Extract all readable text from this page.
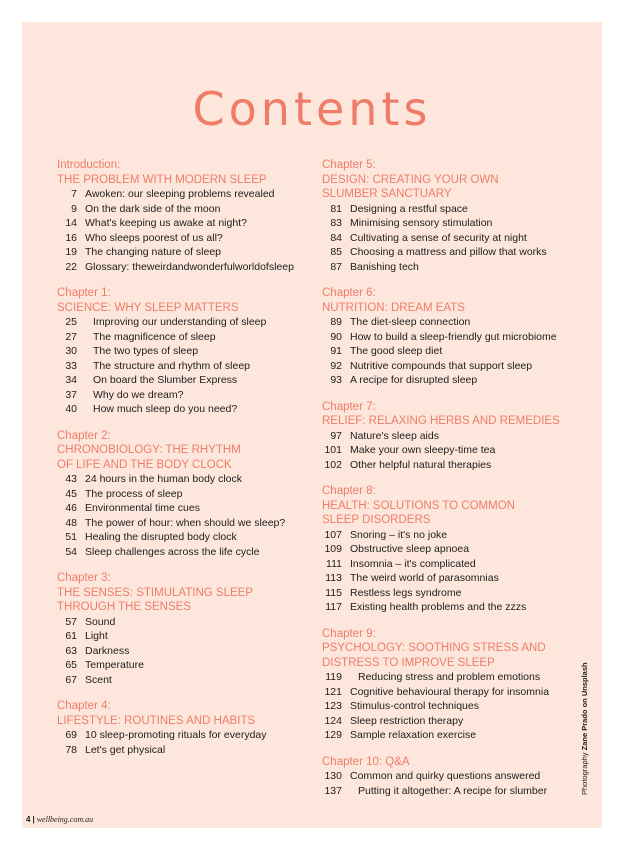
Contents
Introduction:
THE PROBLEM WITH MODERN SLEEP
7 Awoken: our sleeping problems revealed
9 On the dark side of the moon
14 What's keeping us awake at night?
16 Who sleeps poorest of us all?
19 The changing nature of sleep
22 Glossary: theweirdandwonderfulworldofsleep
Chapter 1:
SCIENCE: WHY SLEEP MATTERS
25 Improving our understanding of sleep
27 The magnificence of sleep
30 The two types of sleep
33 The structure and rhythm of sleep
34 On board the Slumber Express
37 Why do we dream?
40 How much sleep do you need?
Chapter 2:
CHRONOBIOLOGY: THE RHYTHM
OF LIFE AND THE BODY CLOCK
43 24 hours in the human body clock
45 The process of sleep
46 Environmental time cues
48 The power of hour: when should we sleep?
51 Healing the disrupted body clock
54 Sleep challenges across the life cycle
Chapter 3:
THE SENSES: STIMULATING SLEEP
THROUGH THE SENSES
57 Sound
61 Light
63 Darkness
65 Temperature
67 Scent
Chapter 4:
LIFESTYLE: ROUTINES AND HABITS
69 10 sleep-promoting rituals for everyday
78 Let's get physical
Chapter 5:
DESIGN: CREATING YOUR OWN
SLUMBER SANCTUARY
81 Designing a restful space
83 Minimising sensory stimulation
84 Cultivating a sense of security at night
85 Choosing a mattress and pillow that works
87 Banishing tech
Chapter 6:
NUTRITION: DREAM EATS
89 The diet-sleep connection
90 How to build a sleep-friendly gut microbiome
91 The good sleep diet
92 Nutritive compounds that support sleep
93 A recipe for disrupted sleep
Chapter 7:
RELIEF: RELAXING HERBS AND REMEDIES
97 Nature's sleep aids
101 Make your own sleepy-time tea
102 Other helpful natural therapies
Chapter 8:
HEALTH: SOLUTIONS TO COMMON
SLEEP DISORDERS
107 Snoring – it's no joke
109 Obstructive sleep apnoea
111 Insomnia – it's complicated
113 The weird world of parasomnias
115 Restless legs syndrome
117 Existing health problems and the zzzs
Chapter 9:
PSYCHOLOGY: SOOTHING STRESS AND
DISTRESS TO IMPROVE SLEEP
119 Reducing stress and problem emotions
121 Cognitive behavioural therapy for insomnia
123 Stimulus-control techniques
124 Sleep restriction therapy
129 Sample relaxation exercise
Chapter 10: Q&A
130 Common and quirky questions answered
137 Putting it altogether: A recipe for slumber
4 | wellbeing.com.au
Photography Zane Prado on Unsplash
